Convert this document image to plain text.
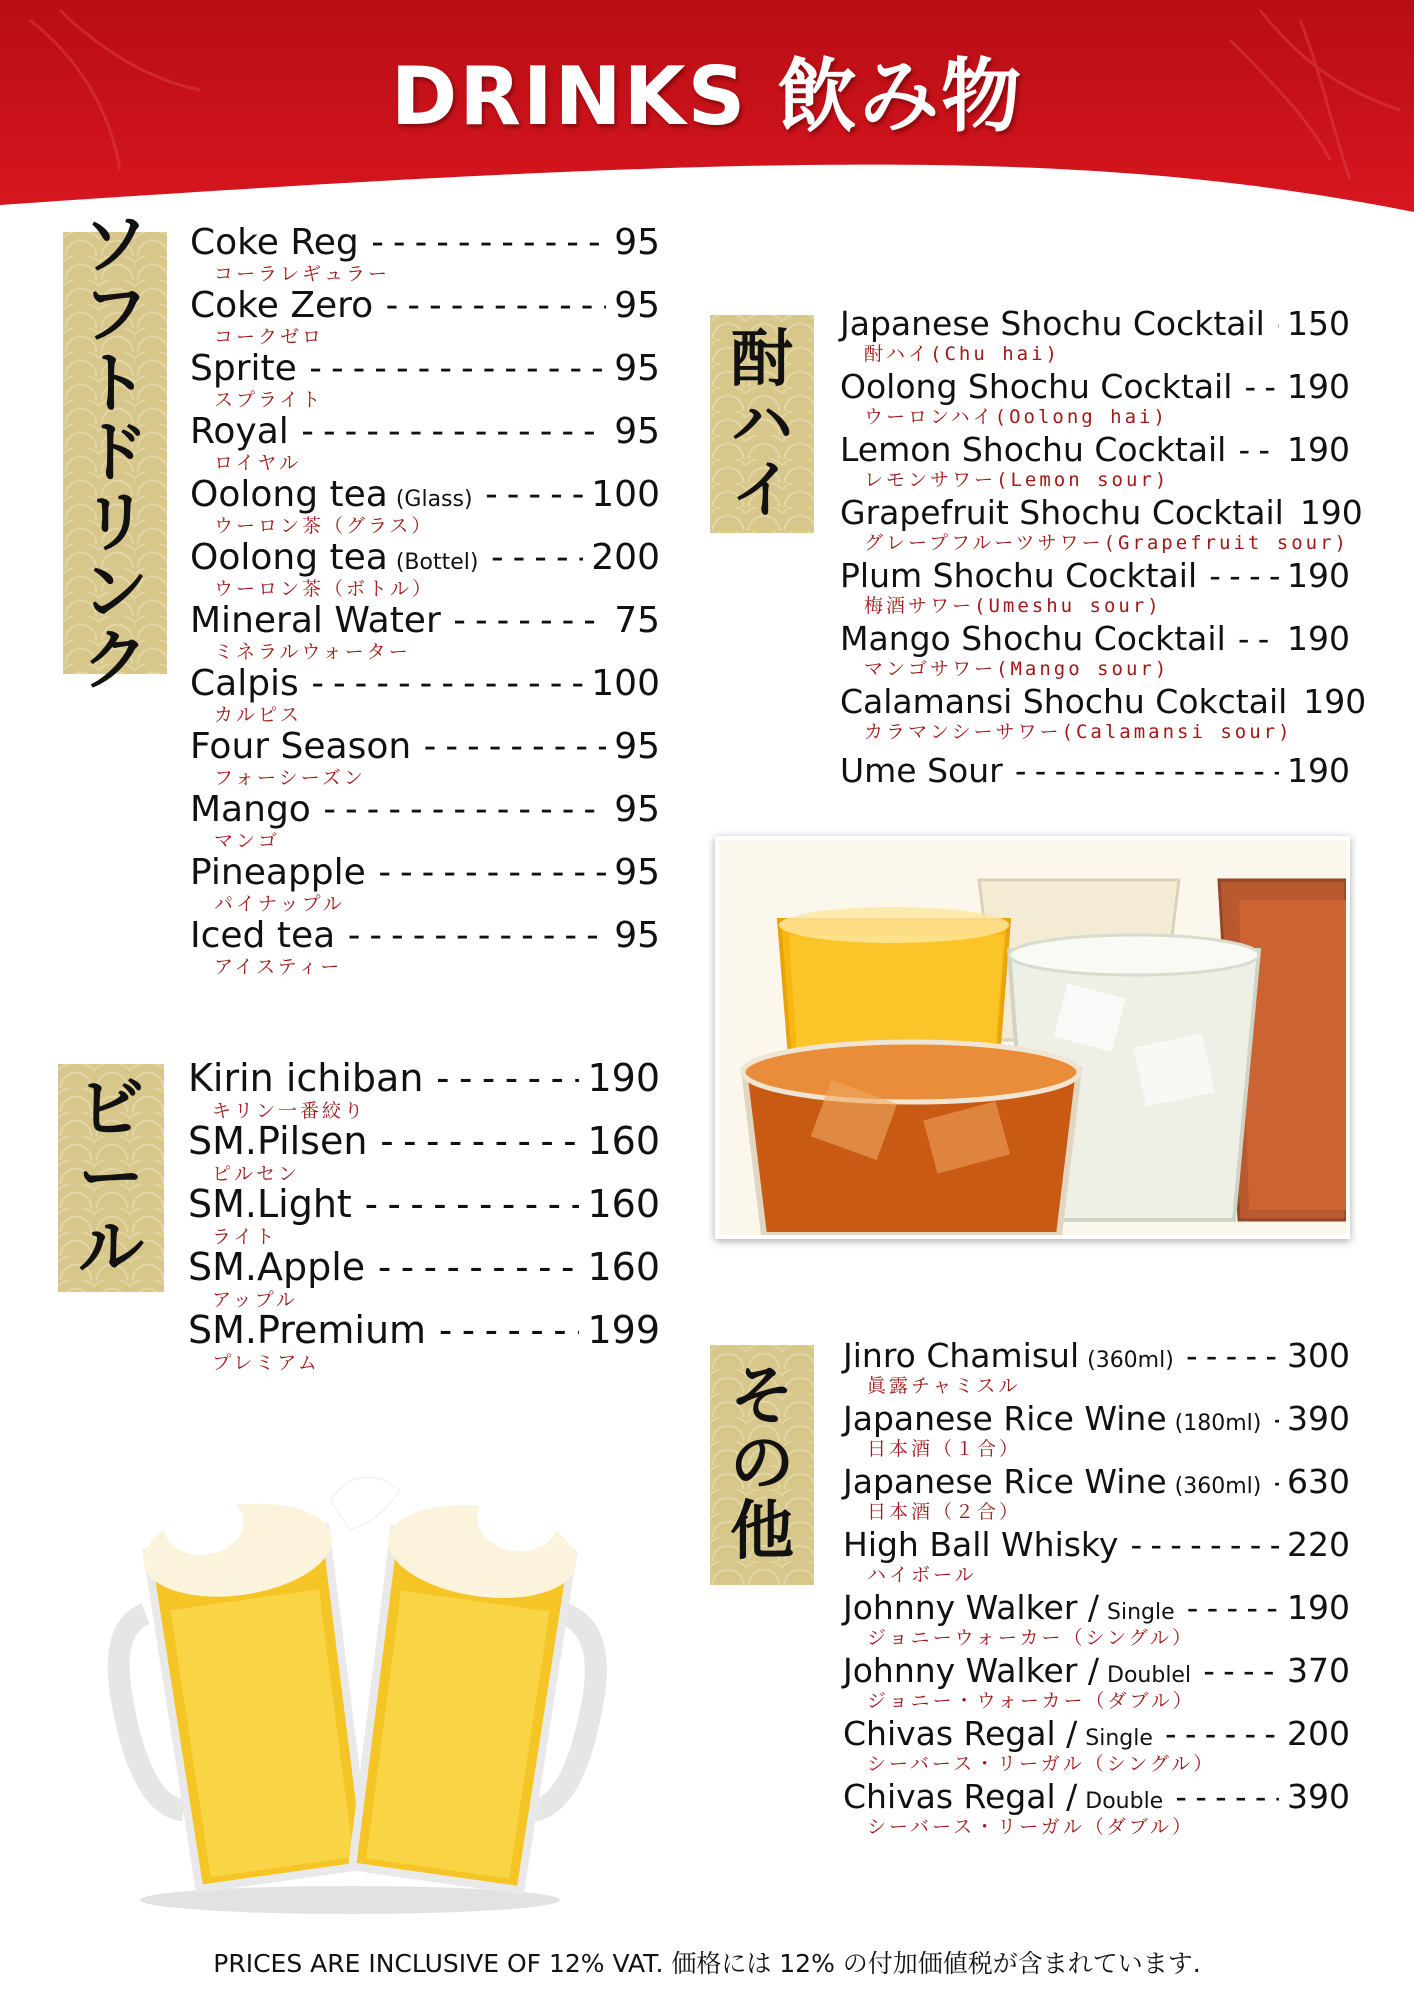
DRINKS 飲み物
ソ
フ
ト
ド
リ
ン
ク
Coke Reg -----	95
コーラレギュラー
Coke Zero -----	95
コークゼロ
Sprite -----	95
スプライト
Royal -----	95
ロイヤル
Oolong tea (Glass) -----	100
ウーロン茶（グラス）
Oolong tea (Bottel) -----	200
ウーロン茶（ボトル）
Mineral Water -----	75
ミネラルウォーター
Calpis -----	100
カルピス
Four Season -----	95
フォーシーズン
Mango -----	95
マンゴ
Pineapple -----	95
パイナップル
Iced tea -----	95
アイスティー
ビ
ー
ル
Kirin ichiban -----	190
キリン一番絞り
SM.Pilsen -----	160
ピルセン
SM.Light -----	160
ライト
SM.Apple -----	160
アップル
SM.Premium -----	199
プレミアム
酎
ハ
イ
Japanese Shochu Cocktail ----- 150
酎ハイ(Chu hai)
Oolong Shochu Cocktail ----- 190
ウーロンハイ(Oolong hai)
Lemon Shochu Cocktail ----- 190
レモンサワー(Lemon sour)
Grapefruit Shochu Cocktail 190
グレープフルーツサワー(Grapefruit sour)
Plum Shochu Cocktail -----	190
梅酒サワー(Umeshu sour)
Mango Shochu Cocktail ----- 190
マンゴサワー(Mango sour)
Calamansi Shochu Cokctail 190
カラマンシーサワー(Calamansi sour)
Ume Sour -----	190
そ
の
他
Jinro Chamisul (360ml) -----	300
眞露チャミスル
Japanese Rice Wine (180ml) ----- 390
日本酒（１合）
Japanese Rice Wine (360ml) ----- 630
日本酒（２合）
High Ball Whisky -----	220
ハイボール
Johnny Walker / Single -----	190
ジョニーウォーカー（シングル）
Johnny Walker / Doublel -----	370
ジョニー・ウォーカー（ダブル）
Chivas Regal / Single -----	200
シーバース・リーガル（シングル）
Chivas Regal / Double -----	390
シーバース・リーガル（ダブル）
PRICES ARE INCLUSIVE OF 12% VAT. 価格には 12% の付加価値税が含まれています.
